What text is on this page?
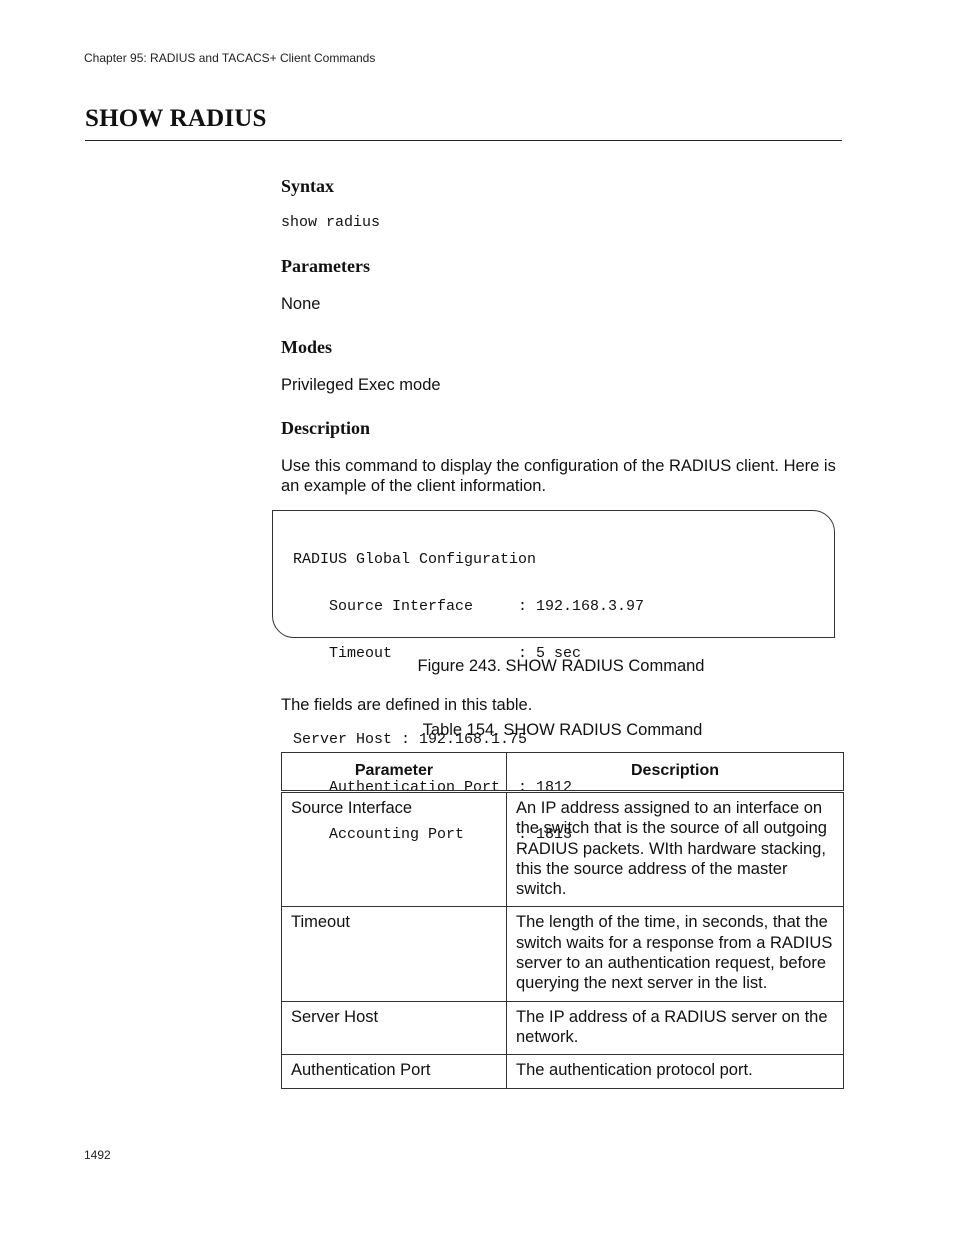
Chapter 95: RADIUS and TACACS+ Client Commands
SHOW RADIUS
Syntax
show radius
Parameters

None

Modes

Privileged Exec mode

Description

Use this command to display the configuration of the RADIUS client. Here is an example of the client information.

RADIUS Global Configuration

Source Interface     : 192.168.3.97

Timeout              : 5 sec

Server Host : 192.168.1.75

Authentication Port  : 1812

Accounting Port      : 1813

Figure 243. SHOW RADIUS Command

The fields are defined in this table.

Table 154. SHOW RADIUS Command
Parameter	Description
Source Interface	An IP address assigned to an interface on the switch that is the source of all outgoing RADIUS packets. WIth hardware stacking, this the source address of the master switch.
Timeout	The length of the time, in seconds, that the switch waits for a response from a RADIUS server to an authentication request, before querying the next server in the list.
Server Host	The IP address of a RADIUS server on the network.
Authentication Port	The authentication protocol port.
1492
